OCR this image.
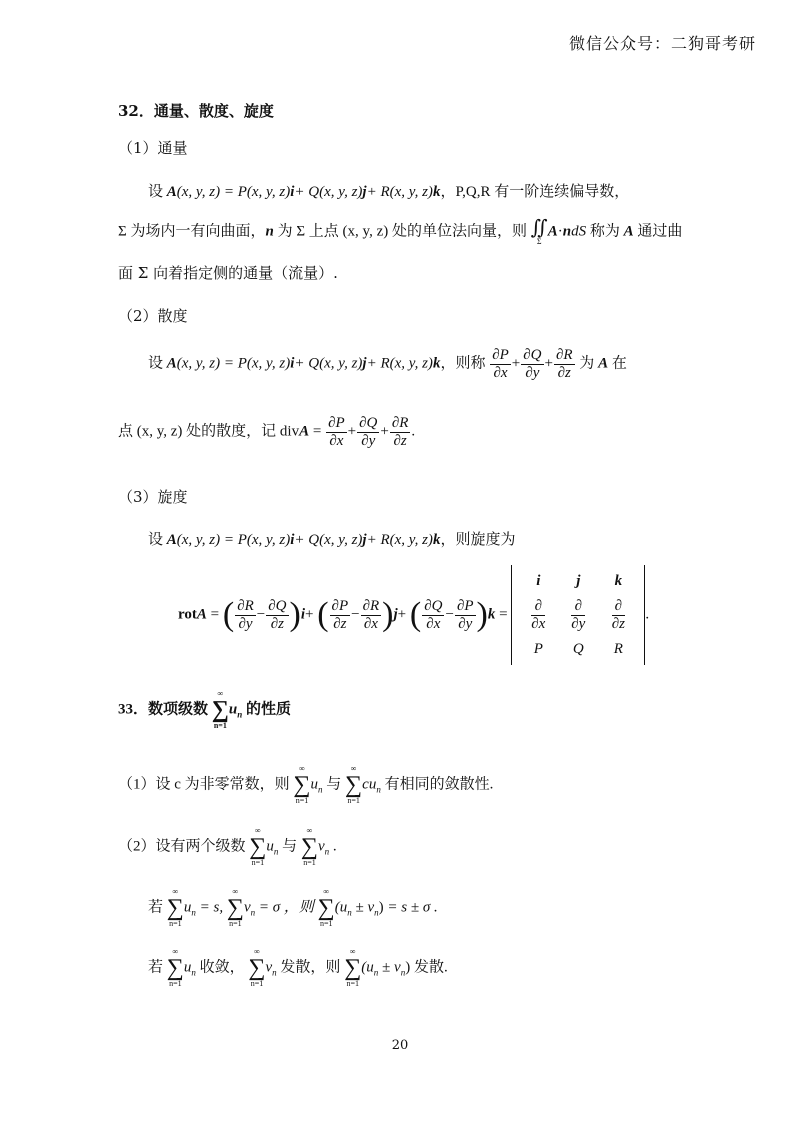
微信公众号：二狗哥考研
32．通量、散度、旋度
（1）通量
设 A(x, y, z) = P(x, y, z)i+ Q(x, y, z)j+ R(x, y, z)k，P,Q,R 有一阶连续偏导数，
Σ 为场内一有向曲面，n 为 Σ 上点 (x, y, z) 处的单位法向量，则 ∬
Σ
A·ndS 称为 A 通过曲
面 Σ 向着指定侧的通量（流量）.
（2）散度
设 A(x, y, z) = P(x, y, z)i+ Q(x, y, z)j+ R(x, y, z)k，则称 $\frac{\partial P}{\partial x} + \frac{\partial Q}{\partial y} + \frac{\partial R}{\partial z}$ 为 A 在
点 (x, y, z) 处的散度，记 divA = $\frac{\partial P}{\partial x} + \frac{\partial Q}{\partial y} + \frac{\partial R}{\partial z}$ .
（3）旋度
设 A(x, y, z) = P(x, y, z)i+ Q(x, y, z)j+ R(x, y, z)k，则旋度为
rotA = ( $\frac{\partial R}{\partial y} - \frac{\partial Q}{\partial z} )i+$ ( $\frac{\partial P}{\partial z} - \frac{\partial R}{\partial x} )j+$ ( $\frac{\partial Q}{\partial x} - \frac{\partial P}{\partial y} )k$ =
i	j	k

$\frac{\partial}{\partial x}$	$\frac{\partial}{\partial y}$	$\frac{\partial}{\partial z}$

P	Q	R
.
33．数项级数
∞
∑
n=1
$u_n$ 的性质
（1）设 c 为非零常数，则
∞
∑
n=1
$u_n$ 与
∞
∑
n=1
$cu_n$ 有相同的敛散性.
（2）设有两个级数
∞
∑
n=1
$u_n$ 与
∞
∑
n=1
$v_n$ .
若
∞
∑
n=1
$u_n = s$,
∞
∑
n=1
$v_n = \sigma$ ，则
∞
∑
n=1
$(u_n \pm v_n) = s \pm \sigma$ .
若
∞
∑
n=1
$u_n$ 收敛，
∞
∑
n=1
$v_n$ 发散，则
∞
∑
n=1
$(u_n \pm v_n)$ 发散.
20
